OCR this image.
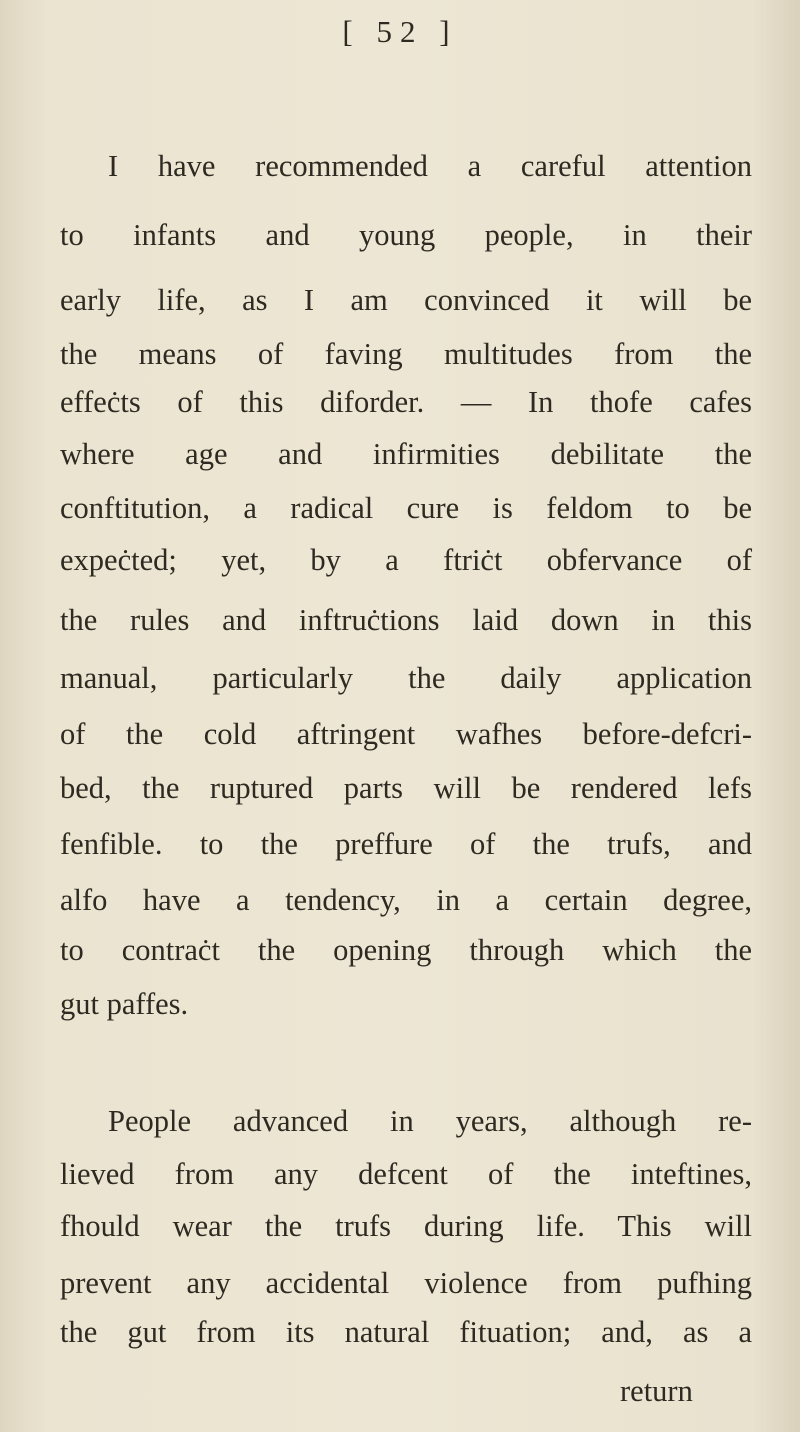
[ 52 ]
I have recommended a careful attention
to infants and young people, in their
early life, as I am convinced it will be
the means of faving multitudes from the
effeċts of this diforder. — In thofe cafes
where age and infirmities debilitate the
conftitution, a radical cure is feldom to be
expeċted; yet, by a ftriċt obfervance of
the rules and inftruċtions laid down in this
manual, particularly the daily application
of the cold aftringent wafhes before-defcri-
bed, the ruptured parts will be rendered lefs
fenfible. to the preffure of the trufs, and
alfo have a tendency, in a certain degree,
to contraċt the opening through which the
gut paffes.
People advanced in years, although re-
lieved from any defcent of the inteftines,
fhould wear the trufs during life. This will
prevent any accidental violence from pufhing
the gut from its natural fituation; and, as a
return
